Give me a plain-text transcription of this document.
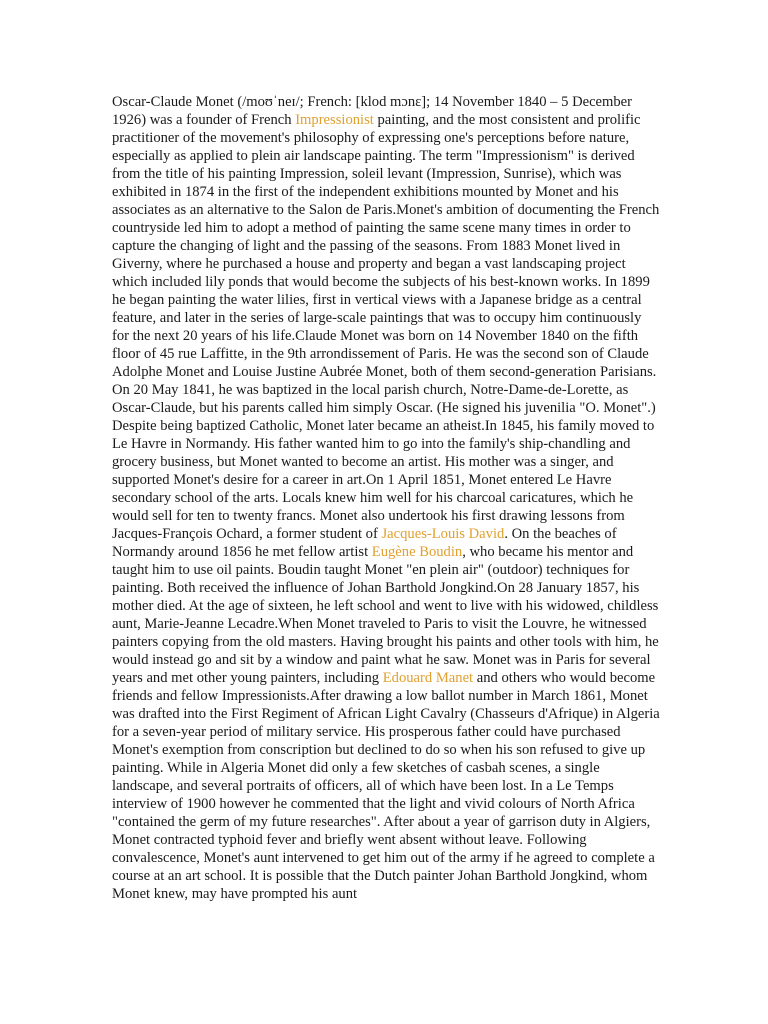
Oscar-Claude Monet (/moʊˈneɪ/; French: [klod mɔnɛ]; 14 November 1840 – 5 December 1926) was a founder of French Impressionist painting, and the most consistent and prolific practitioner of the movement's philosophy of expressing one's perceptions before nature, especially as applied to plein air landscape painting. The term "Impressionism" is derived from the title of his painting Impression, soleil levant (Impression, Sunrise), which was exhibited in 1874 in the first of the independent exhibitions mounted by Monet and his associates as an alternative to the Salon de Paris.Monet's ambition of documenting the French countryside led him to adopt a method of painting the same scene many times in order to capture the changing of light and the passing of the seasons. From 1883 Monet lived in Giverny, where he purchased a house and property and began a vast landscaping project which included lily ponds that would become the subjects of his best-known works. In 1899 he began painting the water lilies, first in vertical views with a Japanese bridge as a central feature, and later in the series of large-scale paintings that was to occupy him continuously for the next 20 years of his life.Claude Monet was born on 14 November 1840 on the fifth floor of 45 rue Laffitte, in the 9th arrondissement of Paris. He was the second son of Claude Adolphe Monet and Louise Justine Aubrée Monet, both of them second-generation Parisians. On 20 May 1841, he was baptized in the local parish church, Notre-Dame-de-Lorette, as Oscar-Claude, but his parents called him simply Oscar. (He signed his juvenilia "O. Monet".) Despite being baptized Catholic, Monet later became an atheist.In 1845, his family moved to Le Havre in Normandy. His father wanted him to go into the family's ship-chandling and grocery business, but Monet wanted to become an artist. His mother was a singer, and supported Monet's desire for a career in art.On 1 April 1851, Monet entered Le Havre secondary school of the arts. Locals knew him well for his charcoal caricatures, which he would sell for ten to twenty francs. Monet also undertook his first drawing lessons from Jacques-François Ochard, a former student of Jacques-Louis David. On the beaches of Normandy around 1856 he met fellow artist Eugène Boudin, who became his mentor and taught him to use oil paints. Boudin taught Monet "en plein air" (outdoor) techniques for painting. Both received the influence of Johan Barthold Jongkind.On 28 January 1857, his mother died. At the age of sixteen, he left school and went to live with his widowed, childless aunt, Marie-Jeanne Lecadre.When Monet traveled to Paris to visit the Louvre, he witnessed painters copying from the old masters. Having brought his paints and other tools with him, he would instead go and sit by a window and paint what he saw. Monet was in Paris for several years and met other young painters, including Edouard Manet and others who would become friends and fellow Impressionists.After drawing a low ballot number in March 1861, Monet was drafted into the First Regiment of African Light Cavalry (Chasseurs d'Afrique) in Algeria for a seven-year period of military service. His prosperous father could have purchased Monet's exemption from conscription but declined to do so when his son refused to give up painting. While in Algeria Monet did only a few sketches of casbah scenes, a single landscape, and several portraits of officers, all of which have been lost. In a Le Temps interview of 1900 however he commented that the light and vivid colours of North Africa "contained the germ of my future researches". After about a year of garrison duty in Algiers, Monet contracted typhoid fever and briefly went absent without leave. Following convalescence, Monet's aunt intervened to get him out of the army if he agreed to complete a course at an art school. It is possible that the Dutch painter Johan Barthold Jongkind, whom Monet knew, may have prompted his aunt
